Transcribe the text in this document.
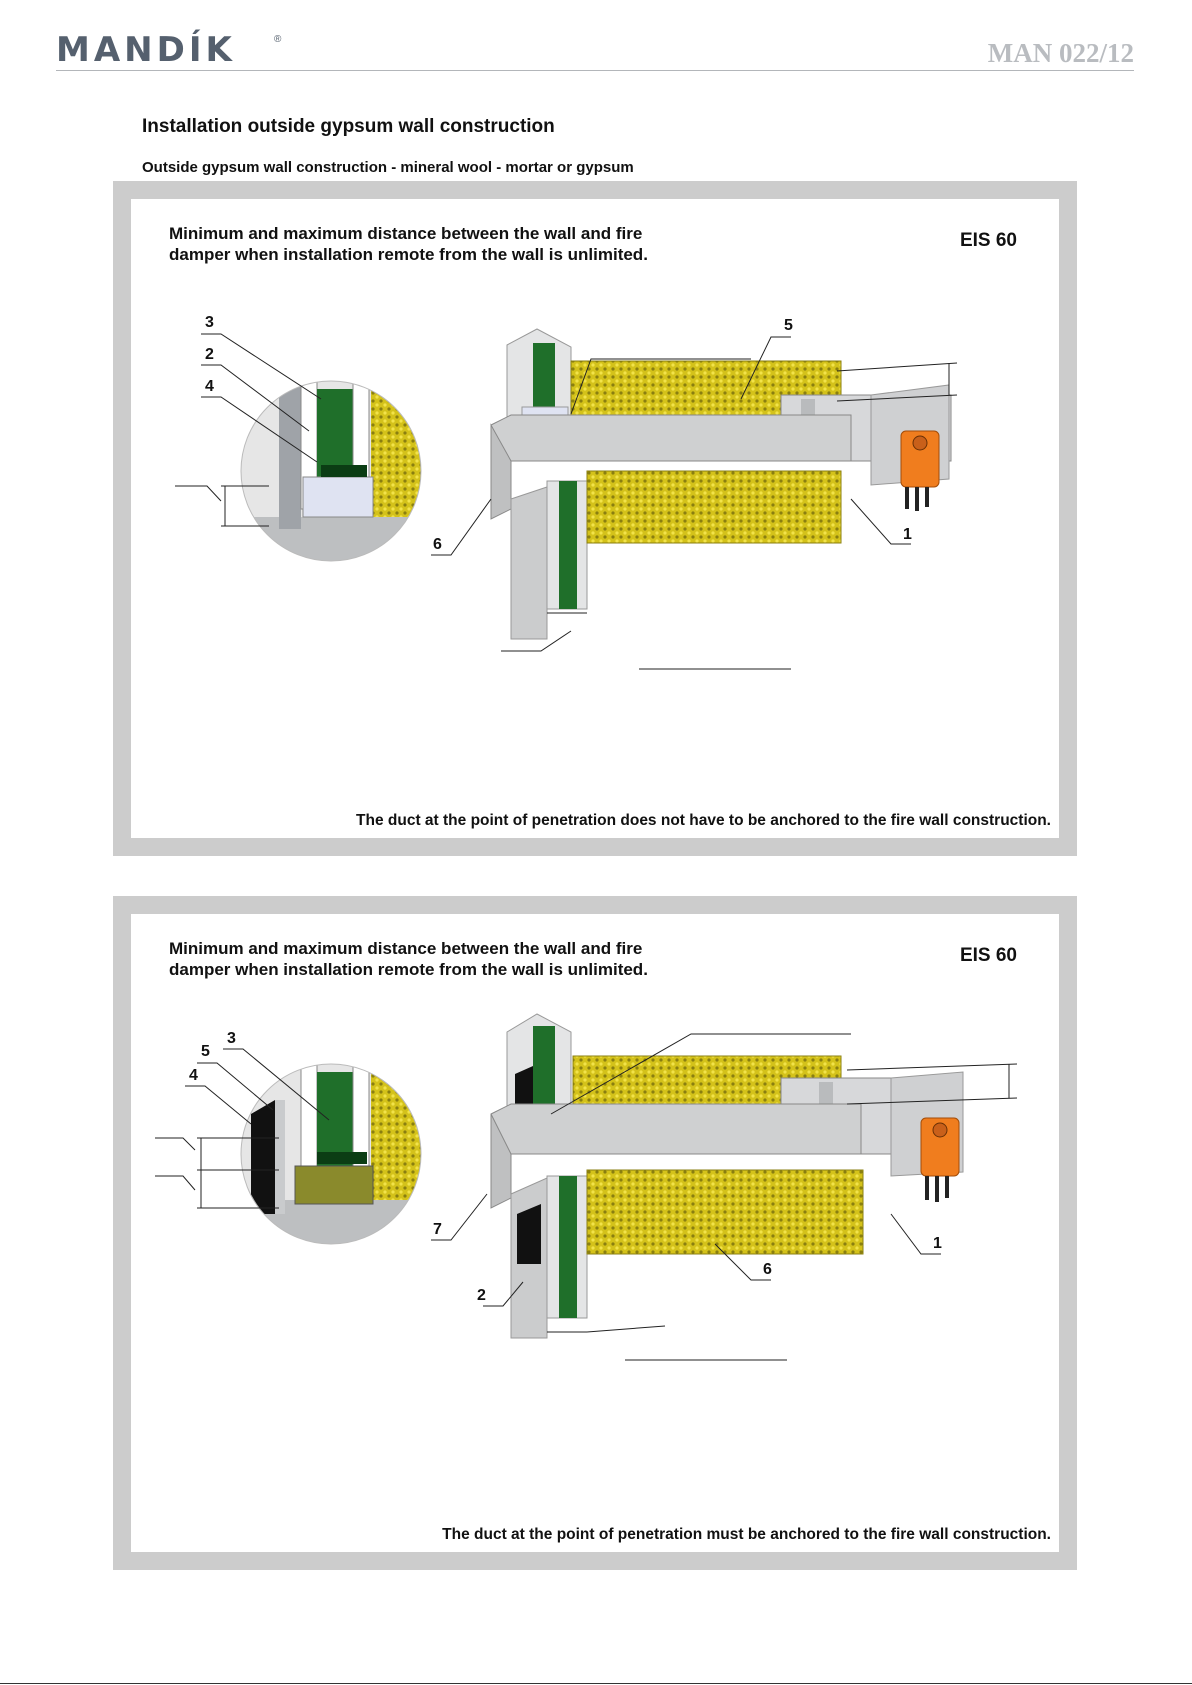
MANDÍK	®	MAN 022/12
Installation outside gypsum wall construction
Outside gypsum wall construction - mineral wool - mortar or gypsum
Minimum and maximum distance between the wall and fire
damper when installation remote from the wall is unlimited.
EIS 60
3
2
4
5
6
1
The duct at the point of penetration does not have to be anchored to the fire wall construction.
Minimum and maximum distance between the wall and fire
damper when installation remote from the wall is unlimited.
EIS 60
3
5
4
7
2
6
1
The duct at the point of penetration must be anchored to the fire wall construction.
